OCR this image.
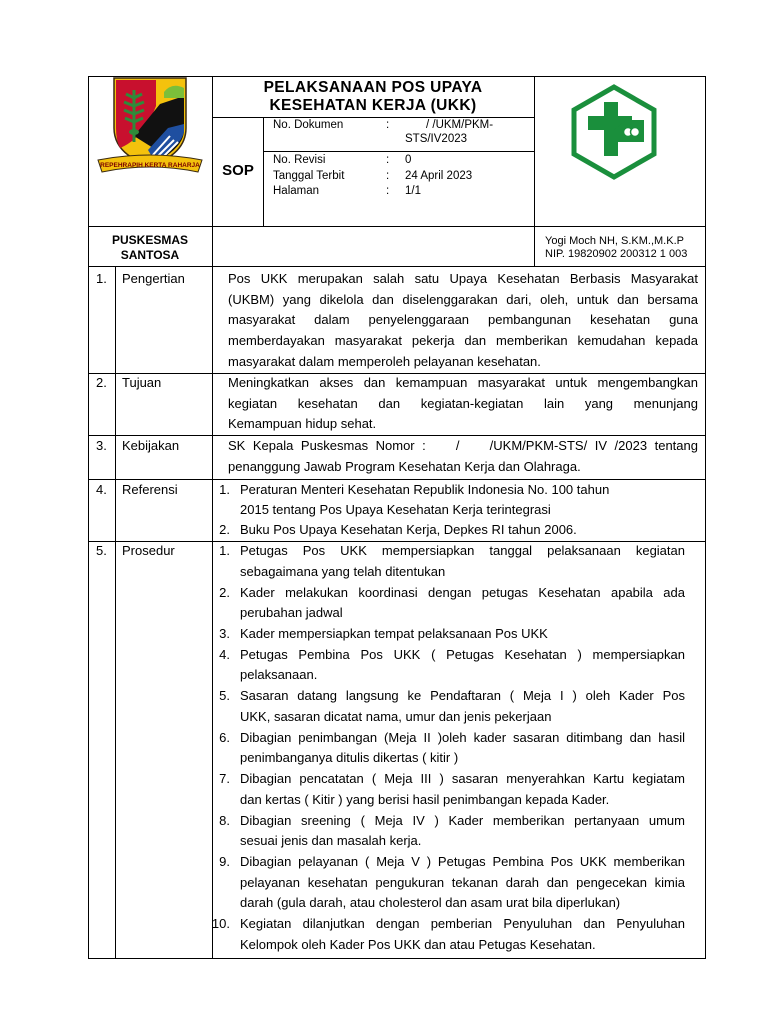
REPEHRAPIH KERTA RAHARJA
PELAKSANAAN POS UPAYA
KESEHATAN KERJA (UKK)
SOP
No. Dokumen	:	/ /UKM/PKM-
STS/IV2023
No. Revisi	: 0
Tanggal Terbit	: 24 April 2023
Halaman	: 1/1
PUSKESMAS
SANTOSA
Yogi Moch NH, S.KM.,M.K.P
NIP. 19820902 200312 1 003
1. Pengertian	Pos UKK merupakan salah satu Upaya Kesehatan Berbasis Masyarakat
(UKBM) yang dikelola dan diselenggarakan dari, oleh, untuk dan bersama
masyarakat dalam penyelenggaraan pembangunan kesehatan guna
memberdayakan masyarakat pekerja dan memberikan kemudahan kepada
masyarakat dalam memperoleh pelayanan kesehatan.
2. Tujuan	Meningkatkan akses dan kemampuan masyarakat untuk mengembangkan
kegiatan kesehatan dan kegiatan-kegiatan lain yang menunjang
Kemampuan hidup sehat.
3. Kebijakan	SK Kepala Puskesmas Nomor :    /    /UKM/PKM-STS/ IV /2023 tentang
penanggung Jawab Program Kesehatan Kerja dan Olahraga.
4. Referensi	1. Peraturan Menteri Kesehatan Republik Indonesia No. 100 tahun
2015 tentang Pos Upaya Kesehatan Kerja terintegrasi
2. Buku Pos Upaya Kesehatan Kerja, Depkes RI tahun 2006.
5. Prosedur	1. Petugas Pos UKK mempersiapkan tanggal pelaksanaan kegiatan
sebagaimana yang telah ditentukan
2. Kader melakukan koordinasi dengan petugas Kesehatan apabila ada
perubahan jadwal
3. Kader mempersiapkan tempat pelaksanaan Pos UKK
4. Petugas Pembina Pos UKK ( Petugas Kesehatan ) mempersiapkan
pelaksanaan.
5. Sasaran datang langsung ke Pendaftaran ( Meja I ) oleh Kader Pos
UKK, sasaran dicatat nama, umur dan jenis pekerjaan
6. Dibagian penimbangan (Meja II )oleh kader sasaran ditimbang dan hasil
penimbanganya ditulis dikertas ( kitir )
7. Dibagian pencatatan ( Meja III ) sasaran menyerahkan Kartu kegiatam
dan kertas ( Kitir ) yang berisi hasil penimbangan kepada Kader.
8. Dibagian sreening ( Meja IV ) Kader memberikan pertanyaan umum
sesuai jenis dan masalah kerja.
9. Dibagian pelayanan ( Meja V ) Petugas Pembina Pos UKK memberikan
pelayanan kesehatan pengukuran tekanan darah dan pengecekan kimia
darah (gula darah, atau cholesterol dan asam urat bila diperlukan)
10. Kegiatan dilanjutkan dengan pemberian Penyuluhan dan Penyuluhan
Kelompok oleh Kader Pos UKK dan atau Petugas Kesehatan.
